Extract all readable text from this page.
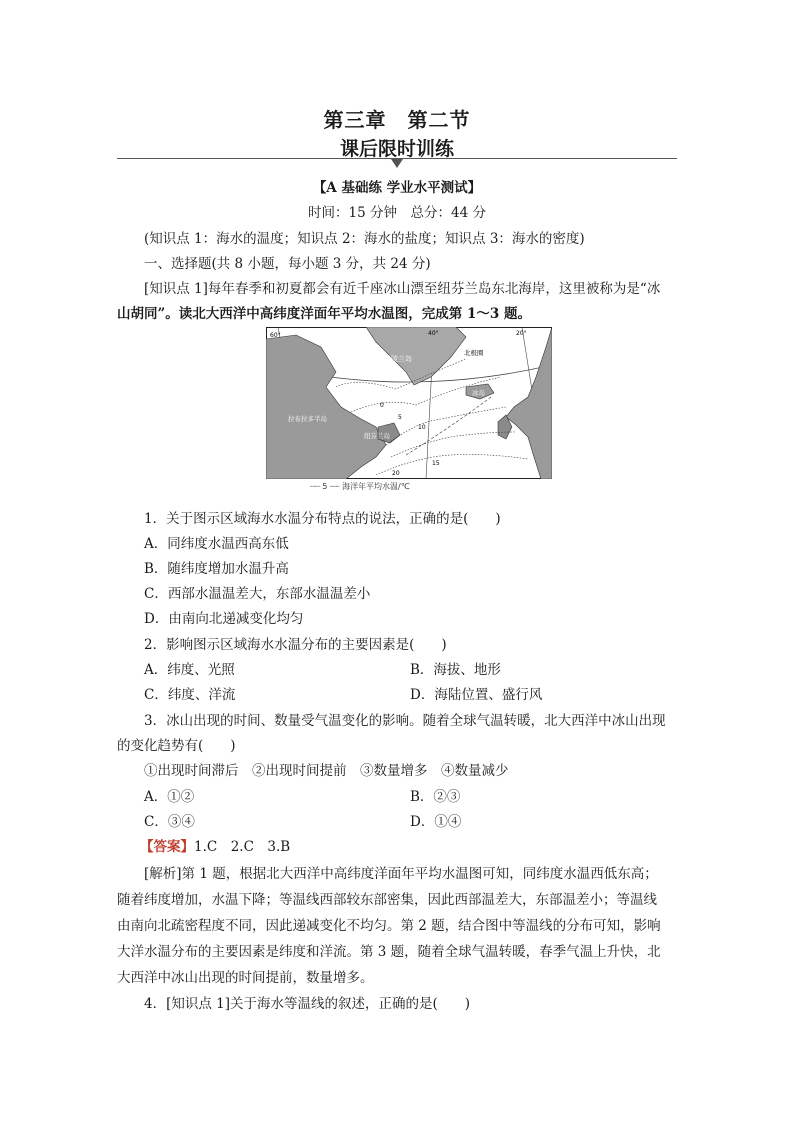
第三章　第二节
课后限时训练
【A 基础练 学业水平测试】
时间：15 分钟　总分：44 分
(知识点 1：海水的温度；知识点 2：海水的盐度；知识点 3：海水的密度)
一、选择题(共 8 小题，每小题 3 分，共 24 分)
[知识点 1]每年春季和初夏都会有近千座冰山漂至纽芬兰岛东北海岸，这里被称为是“冰
山胡同”。读北大西洋中高纬度洋面年平均水温图，完成第 1～3 题。
60°	40°	20°
格陵兰岛
北极圈
冰岛
拉布拉多半岛
纽芬兰岛
0
5
10
15
20
┈┈ 5 ┈┈ 海洋年平均水温/℃
1．关于图示区域海水水温分布特点的说法，正确的是(　　)
A．同纬度水温西高东低
B．随纬度增加水温升高
C．西部水温温差大，东部水温温差小
D．由南向北递减变化均匀
2．影响图示区域海水水温分布的主要因素是(　　)
A．纬度、光照	B．海拔、地形
C．纬度、洋流	D．海陆位置、盛行风
3．冰山出现的时间、数量受气温变化的影响。随着全球气温转暖，北大西洋中冰山出现
的变化趋势有(　　)
①出现时间滞后　②出现时间提前　③数量增多　④数量减少
A．①②	B．②③
C．③④	D．①④
【答案】1.C　2.C　3.B
[解析]第 1 题，根据北大西洋中高纬度洋面年平均水温图可知，同纬度水温西低东高；
随着纬度增加，水温下降；等温线西部较东部密集，因此西部温差大，东部温差小；等温线
由南向北疏密程度不同，因此递减变化不均匀。第 2 题，结合图中等温线的分布可知，影响
大洋水温分布的主要因素是纬度和洋流。第 3 题，随着全球气温转暖，春季气温上升快，北
大西洋中冰山出现的时间提前，数量增多。
4．[知识点 1]关于海水等温线的叙述，正确的是(　　)
